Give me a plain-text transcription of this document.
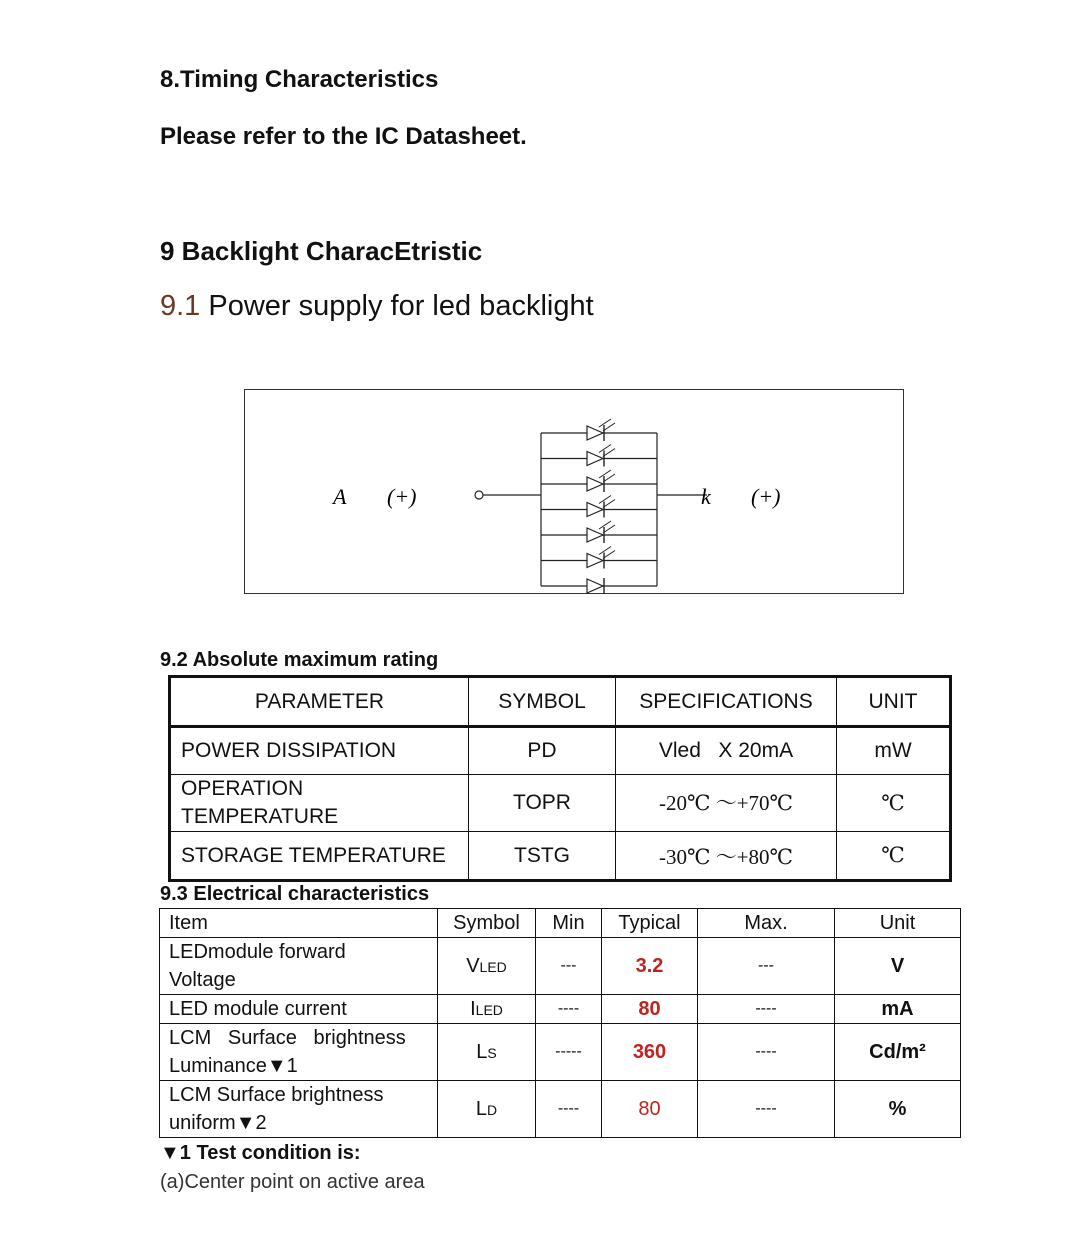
8.Timing Characteristics
Please refer to the IC Datasheet.
9 Backlight CharacEtristic
9.1 Power supply for led backlight
A (+)	k (+)
9.2 Absolute maximum rating
PARAMETER	SYMBOL	SPECIFICATIONS	UNIT
POWER DISSIPATION	PD	Vled   X 20mA	mW

OPERATION
TEMPERATURE	TOPR	-20℃ ～+70℃	℃
STORAGE TEMPERATURE	TSTG	-30℃ ～+80℃	℃
9.3 Electrical characteristics
Item	Symbol	Min	Typical	Max.	Unit

LEDmodule forward
Voltage	VLED	---	3.2	---	V
LED module current	ILED	----	80	----	mA

LCM   Surface   brightness
Luminance▼1	LS	-----	360	----	Cd/m²

LCM Surface brightness
uniform▼2	LD	----	80	----	%
▼1 Test condition is:
(a)Center point on active area
